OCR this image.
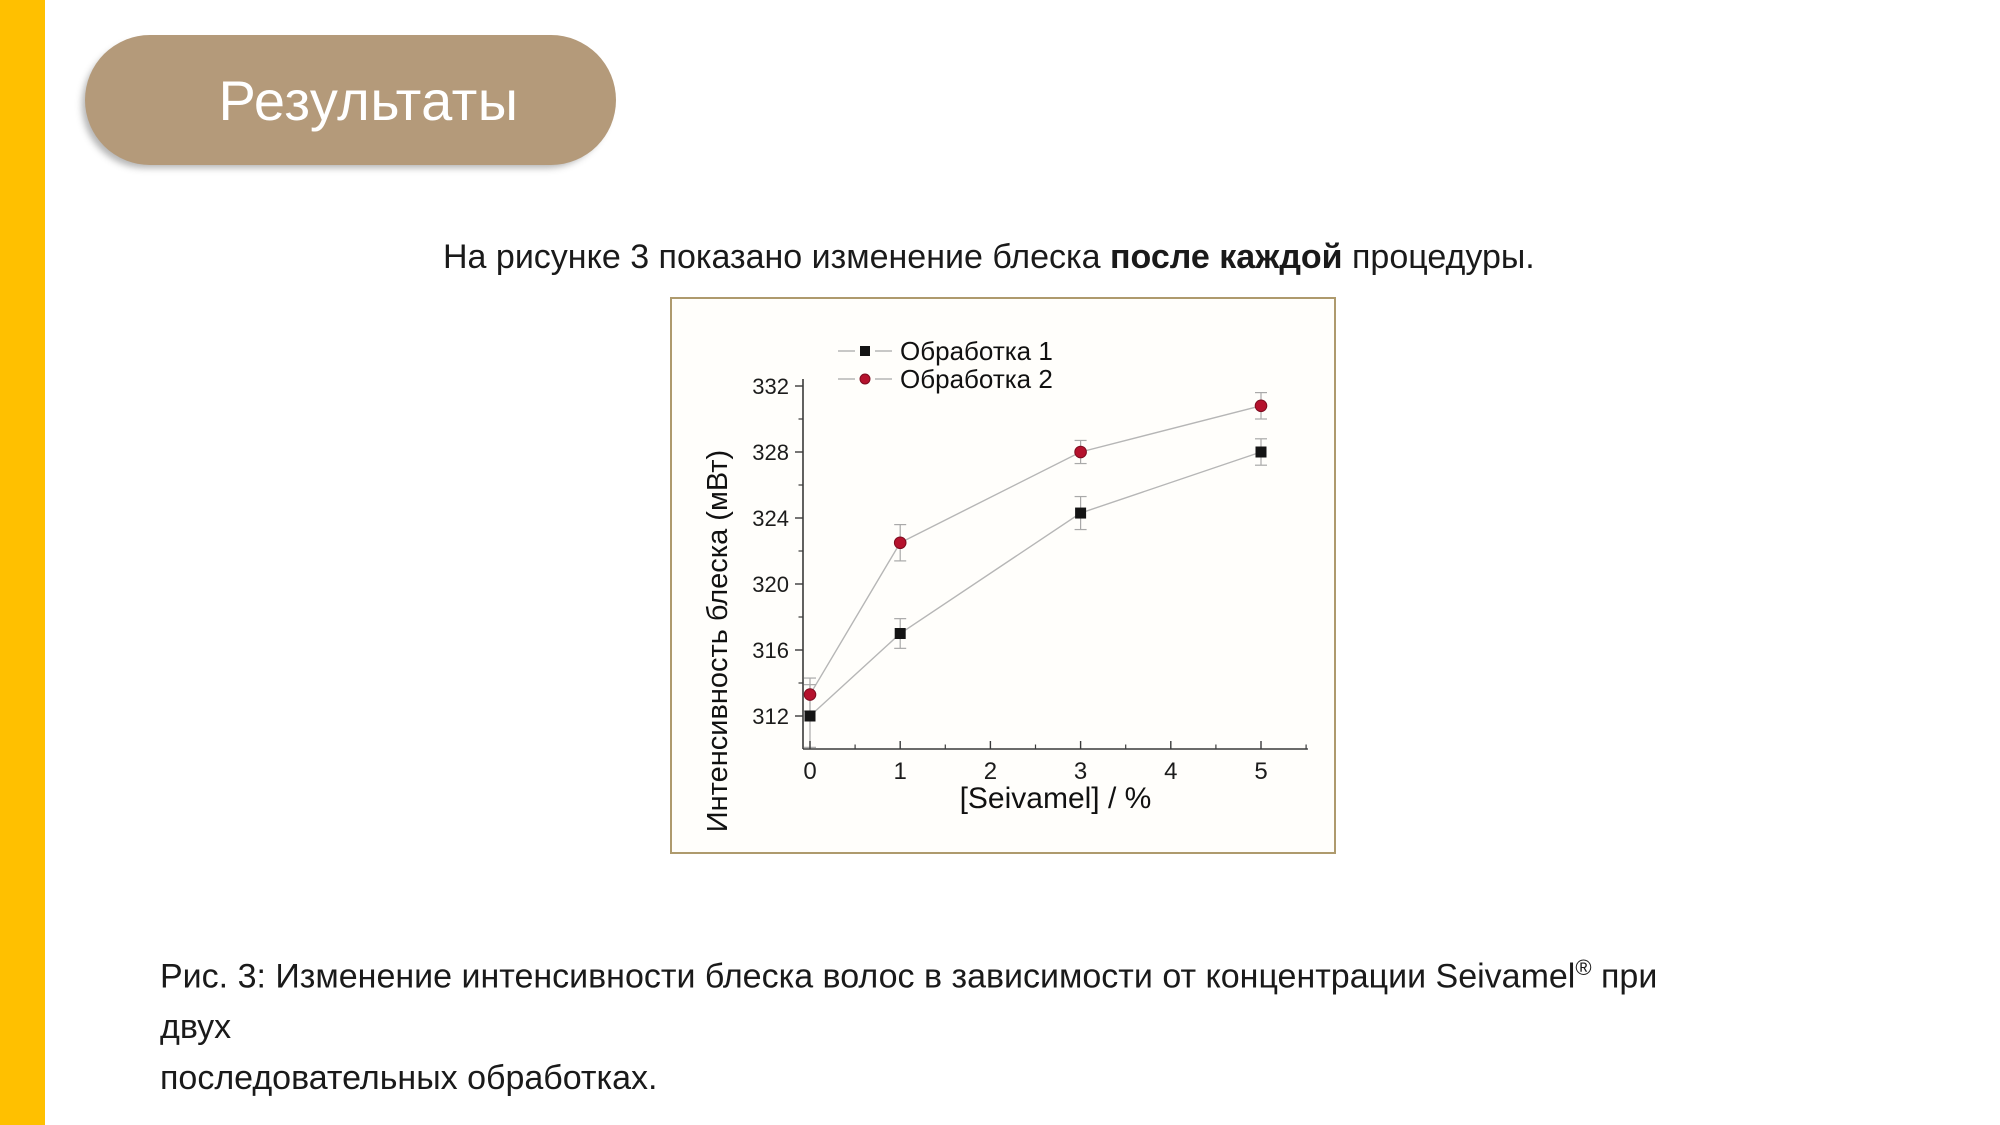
Результаты
На рисунке 3 показано изменение блеска после каждой процедуры.
0	1	2	3	4	5
312
316
320
324
328
332
[Seivamel] / %
Интенсивность блеска (мВт)
Обработка 1
Обработка 2
Рис. 3: Изменение интенсивности блеска волос в зависимости от концентрации Seivamel® при двух
последовательных обработках.
